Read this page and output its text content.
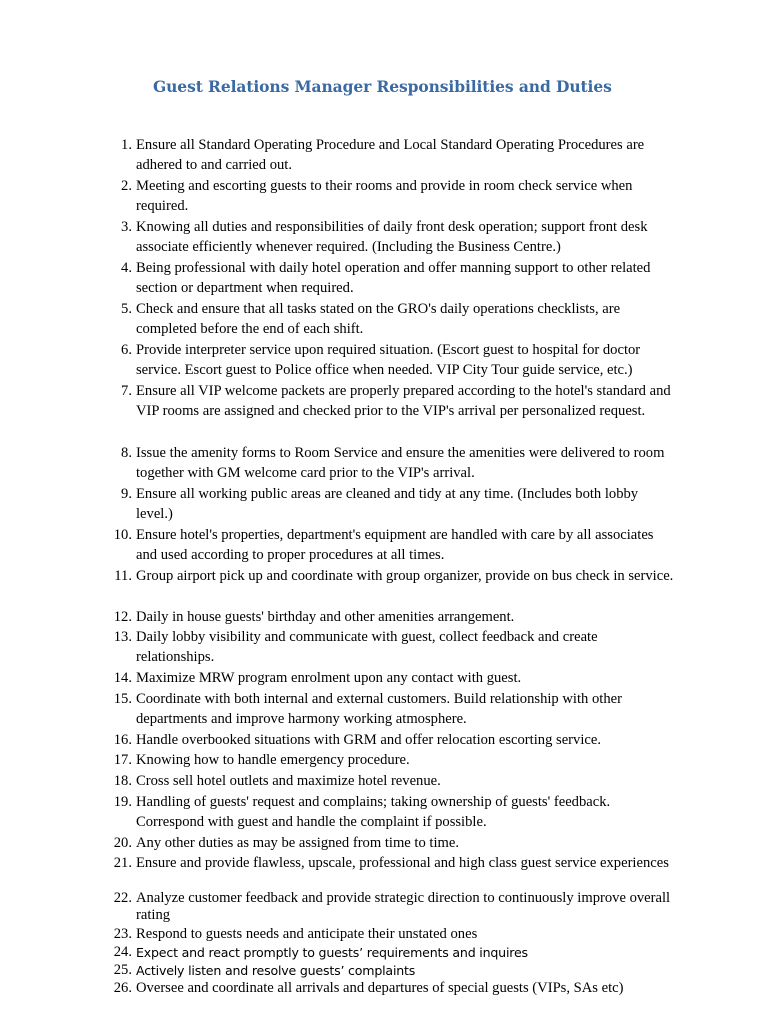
Guest Relations Manager Responsibilities and Duties
1. Ensure all Standard Operating Procedure and Local Standard Operating Procedures are adhered to and carried out.
2. Meeting and escorting guests to their rooms and provide in room check service when required.
3. Knowing all duties and responsibilities of daily front desk operation; support front desk associate efficiently whenever required. (Including the Business Centre.)
4. Being professional with daily hotel operation and offer manning support to other related section or department when required.
5. Check and ensure that all tasks stated on the GRO's daily operations checklists, are completed before the end of each shift.
6. Provide interpreter service upon required situation. (Escort guest to hospital for doctor service. Escort guest to Police office when needed. VIP City Tour guide service, etc.)
7. Ensure all VIP welcome packets are properly prepared according to the hotel's standard and VIP rooms are assigned and checked prior to the VIP's arrival per personalized request.
8. Issue the amenity forms to Room Service and ensure the amenities were delivered to room together with GM welcome card prior to the VIP's arrival.
9. Ensure all working public areas are cleaned and tidy at any time. (Includes both lobby level.)
10. Ensure hotel's properties, department's equipment are handled with care by all associates and used according to proper procedures at all times.
11. Group airport pick up and coordinate with group organizer, provide on bus check in service.
12. Daily in house guests' birthday and other amenities arrangement.
13. Daily lobby visibility and communicate with guest, collect feedback and create relationships.
14. Maximize MRW program enrolment upon any contact with guest.
15. Coordinate with both internal and external customers. Build relationship with other departments and improve harmony working atmosphere.
16. Handle overbooked situations with GRM and offer relocation escorting service.
17. Knowing how to handle emergency procedure.
18. Cross sell hotel outlets and maximize hotel revenue.
19. Handling of guests' request and complains; taking ownership of guests' feedback. Correspond with guest and handle the complaint if possible.
20. Any other duties as may be assigned from time to time.
21. Ensure and provide flawless, upscale, professional and high class guest service experiences
22. Analyze customer feedback and provide strategic direction to continuously improve overall rating
23. Respond to guests needs and anticipate their unstated ones
24. Expect and react promptly to guests’ requirements and inquires
25. Actively listen and resolve guests’ complaints
26. Oversee and coordinate all arrivals and departures of special guests (VIPs, SAs etc)
